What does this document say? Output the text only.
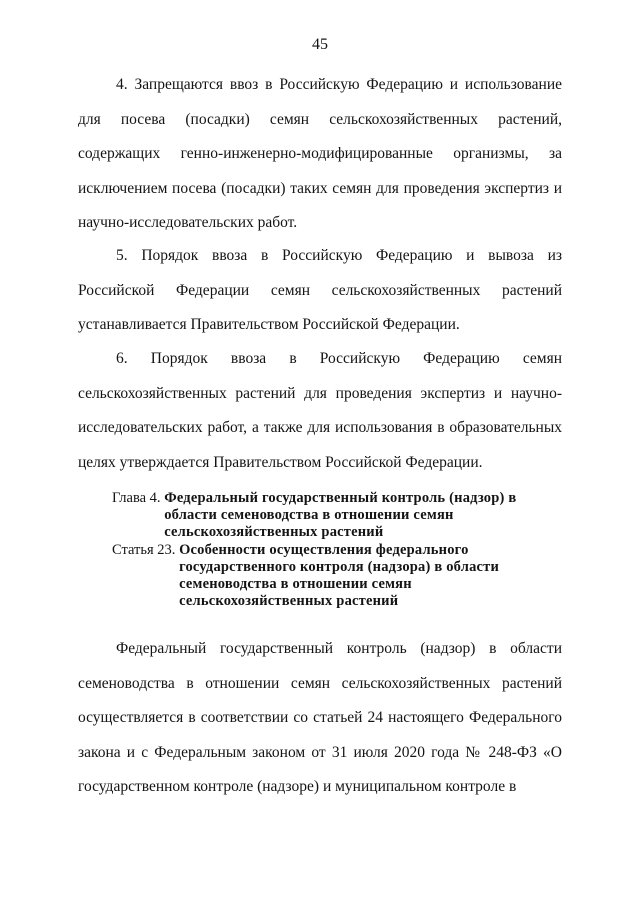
45

4. Запрещаются ввоз в Российскую Федерацию и использование для посева (посадки) семян сельскохозяйственных растений, содержащих генно-инженерно-модифицированные организмы, за исключением посева (посадки) таких семян для проведения экспертиз и научно-исследовательских работ.

5. Порядок ввоза в Российскую Федерацию и вывоза из Российской Федерации семян сельскохозяйственных растений устанавливается Правительством Российской Федерации.

6. Порядок ввоза в Российскую Федерацию семян сельскохозяйственных растений для проведения экспертиз и научно-исследовательских работ, а также для использования в образовательных целях утверждается Правительством Российской Федерации.

Глава 4. Федеральный государственный контроль (надзор) в области семеноводства в отношении семян сельскохозяйственных растений
Статья 23. Особенности осуществления федерального государственного контроля (надзора) в области семеноводства в отношении семян сельскохозяйственных растений

Федеральный государственный контроль (надзор) в области семеноводства в отношении семян сельскохозяйственных растений осуществляется в соответствии со статьей 24 настоящего Федерального закона и с Федеральным законом от 31 июля 2020 года № 248-ФЗ «О государственном контроле (надзоре) и муниципальном контроле в
